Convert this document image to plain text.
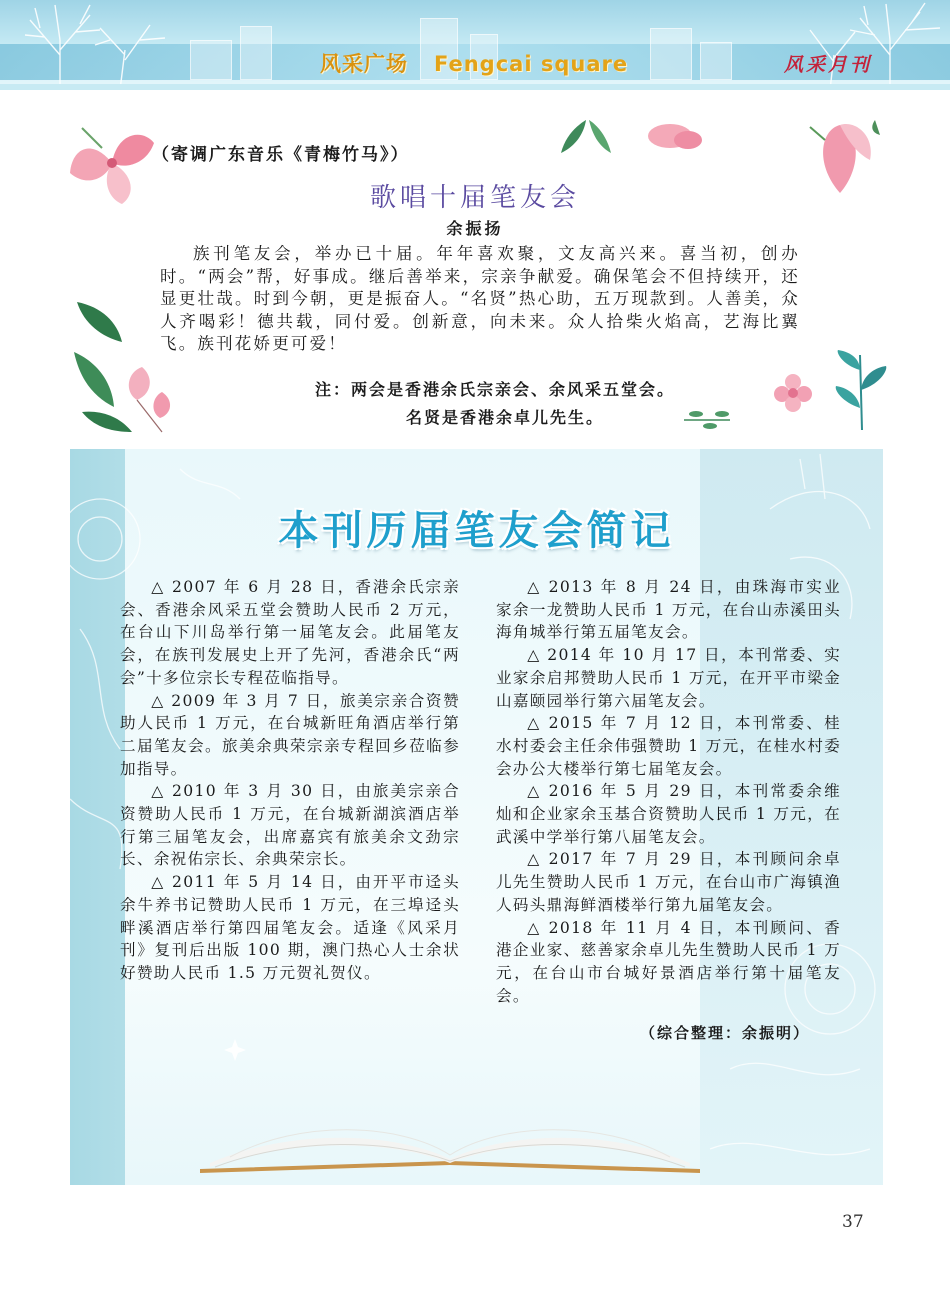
风采广场 Fengcai square	风采月刊
（寄调广东音乐《青梅竹马》）
歌唱十届笔友会
余振扬

族刊笔友会，举办已十届。年年喜欢聚，文友高兴来。喜当初，创办时。“两会”帮，好事成。继后善举来，宗亲争献爱。确保笔会不但持续开，还显更壮哉。时到今朝，更是振奋人。“名贤”热心助，五万现款到。人善美，众人齐喝彩！德共载，同付爱。创新意，向未来。众人拾柴火焰高，艺海比翼飞。族刊花娇更可爱！

注：两会是香港余氏宗亲会、余风采五堂会。
名贤是香港余卓儿先生。
本刊历届笔友会简记

△ 2007 年 6 月 28 日，香港余氏宗亲会、香港余风采五堂会赞助人民币 2 万元，在台山下川岛举行第一届笔友会。此届笔友会，在族刊发展史上开了先河，香港余氏“两会”十多位宗长专程莅临指导。

△ 2009 年 3 月 7 日，旅美宗亲合资赞助人民币 1 万元，在台城新旺角酒店举行第二届笔友会。旅美余典荣宗亲专程回乡莅临参加指导。

△ 2010 年 3 月 30 日，由旅美宗亲合资赞助人民币 1 万元，在台城新湖滨酒店举行第三届笔友会，出席嘉宾有旅美余文劲宗长、余祝佑宗长、余典荣宗长。

△ 2011 年 5 月 14 日，由开平市迳头余牛养书记赞助人民币 1 万元，在三埠迳头畔溪酒店举行第四届笔友会。适逢《风采月刊》复刊后出版 100 期，澳门热心人士余状好赞助人民币 1.5 万元贺礼贺仪。

△ 2013 年 8 月 24 日，由珠海市实业家余一龙赞助人民币 1 万元，在台山赤溪田头海角城举行第五届笔友会。

△ 2014 年 10 月 17 日，本刊常委、实业家余启邦赞助人民币 1 万元，在开平市梁金山嘉颐园举行第六届笔友会。

△ 2015 年 7 月 12 日，本刊常委、桂水村委会主任余伟强赞助 1 万元，在桂水村委会办公大楼举行第七届笔友会。

△ 2016 年 5 月 29 日，本刊常委余维灿和企业家余玉基合资赞助人民币 1 万元，在武溪中学举行第八届笔友会。

△ 2017 年 7 月 29 日，本刊顾问余卓儿先生赞助人民币 1 万元，在台山市广海镇渔人码头鼎海鲜酒楼举行第九届笔友会。

△ 2018 年 11 月 4 日，本刊顾问、香港企业家、慈善家余卓儿先生赞助人民币 1 万元，在台山市台城好景酒店举行第十届笔友会。

（综合整理：余振明）
37
